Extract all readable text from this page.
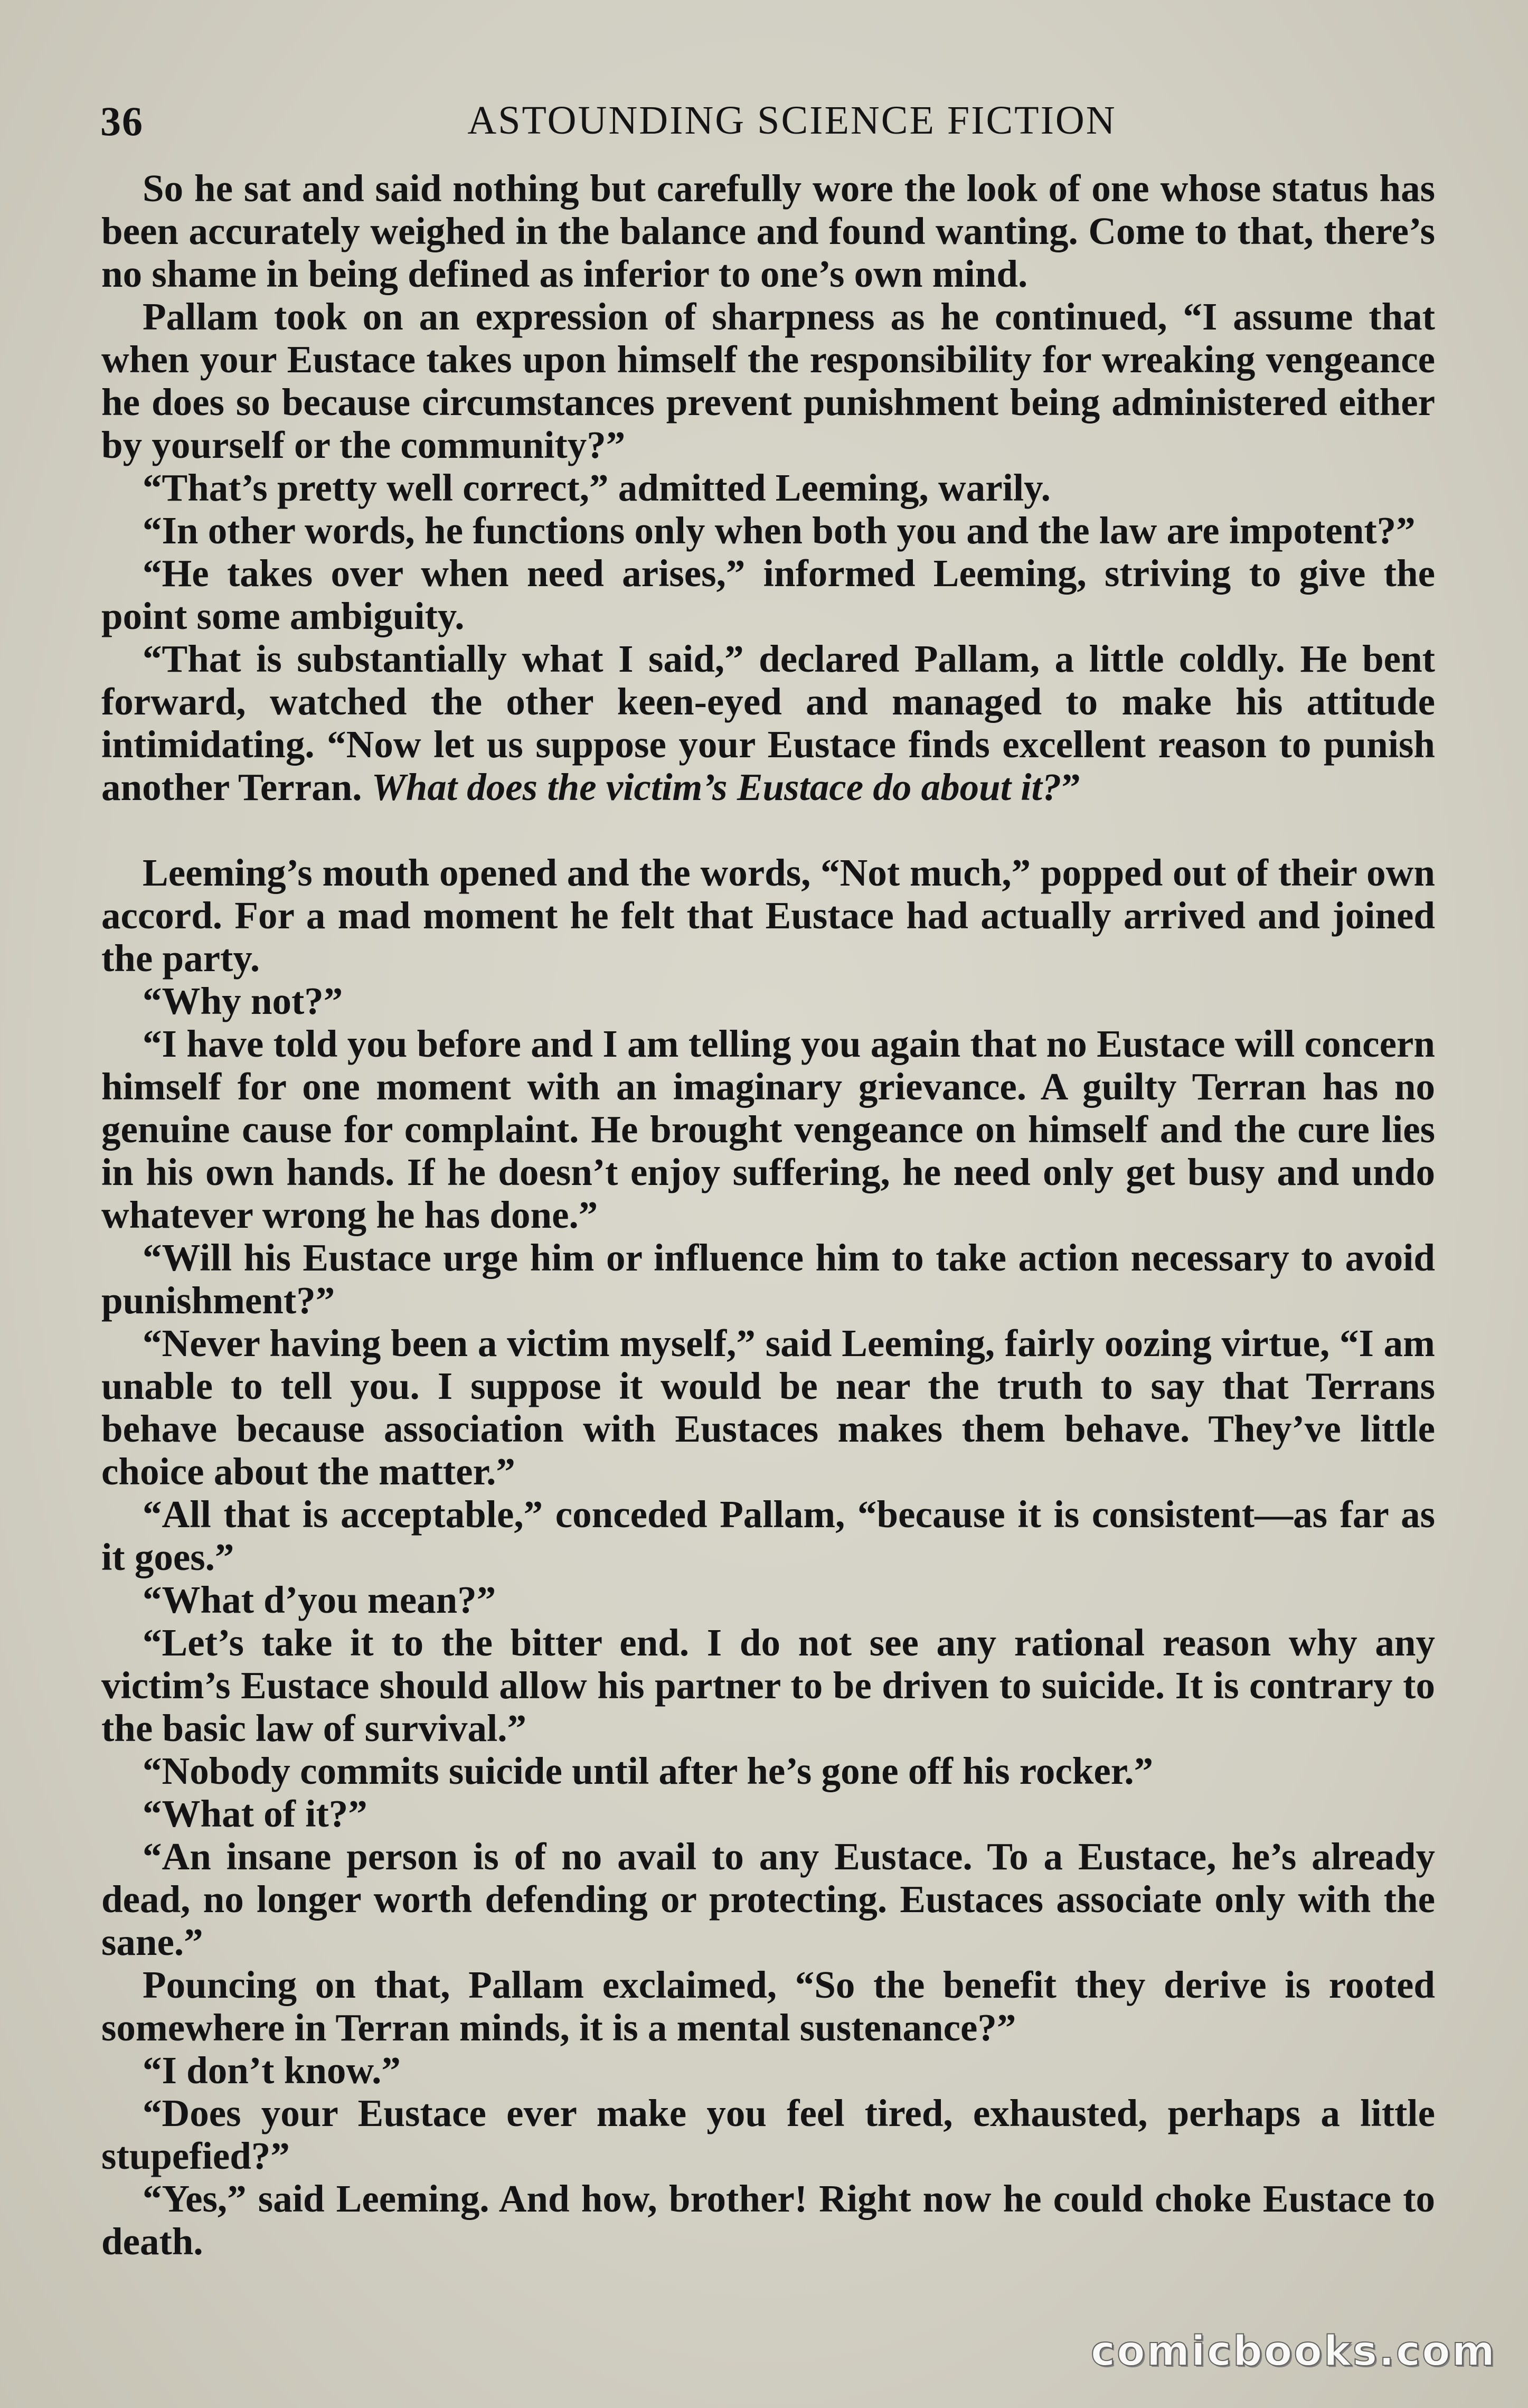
36	ASTOUNDING SCIENCE FICTION

So he sat and said nothing but carefully wore the look of one whose status has been accurately weighed in the balance and found wanting. Come to that, there’s no shame in being defined as inferior to one’s own mind.

Pallam took on an expression of sharpness as he continued, “I assume that when your Eustace takes upon himself the responsibility for wreaking vengeance he does so because circumstances prevent punishment being administered either by yourself or the community?”

“That’s pretty well correct,” admitted Leeming, warily.

“In other words, he functions only when both you and the law are impotent?”

“He takes over when need arises,” informed Leeming, striving to give the point some ambiguity.

“That is substantially what I said,” declared Pallam, a little coldly. He bent forward, watched the other keen-eyed and managed to make his attitude intimidating. “Now let us suppose your Eustace finds excellent reason to punish another Terran. What does the victim’s Eustace do about it?”

Leeming’s mouth opened and the words, “Not much,” popped out of their own accord. For a mad moment he felt that Eustace had actually arrived and joined the party.

“Why not?”

“I have told you before and I am telling you again that no Eustace will concern himself for one moment with an imaginary grievance. A guilty Terran has no genuine cause for complaint. He brought vengeance on himself and the cure lies in his own hands. If he doesn’t enjoy suffering, he need only get busy and undo whatever wrong he has done.”

“Will his Eustace urge him or influence him to take action necessary to avoid punishment?”

“Never having been a victim myself,” said Leeming, fairly oozing virtue, “I am unable to tell you. I suppose it would be near the truth to say that Terrans behave because association with Eustaces makes them behave. They’ve little choice about the matter.”

“All that is acceptable,” conceded Pallam, “because it is consistent—as far as it goes.”

“What d’you mean?”

“Let’s take it to the bitter end. I do not see any rational reason why any victim’s Eustace should allow his partner to be driven to suicide. It is contrary to the basic law of survival.”

“Nobody commits suicide until after he’s gone off his rocker.”

“What of it?”

“An insane person is of no avail to any Eustace. To a Eustace, he’s already dead, no longer worth defending or protecting. Eustaces associate only with the sane.”

Pouncing on that, Pallam exclaimed, “So the benefit they derive is rooted somewhere in Terran minds, it is a mental sustenance?”

“I don’t know.”

“Does your Eustace ever make you feel tired, exhausted, perhaps a little stupefied?”

“Yes,” said Leeming. And how, brother! Right now he could choke Eustace to death.

comicbooks.com
